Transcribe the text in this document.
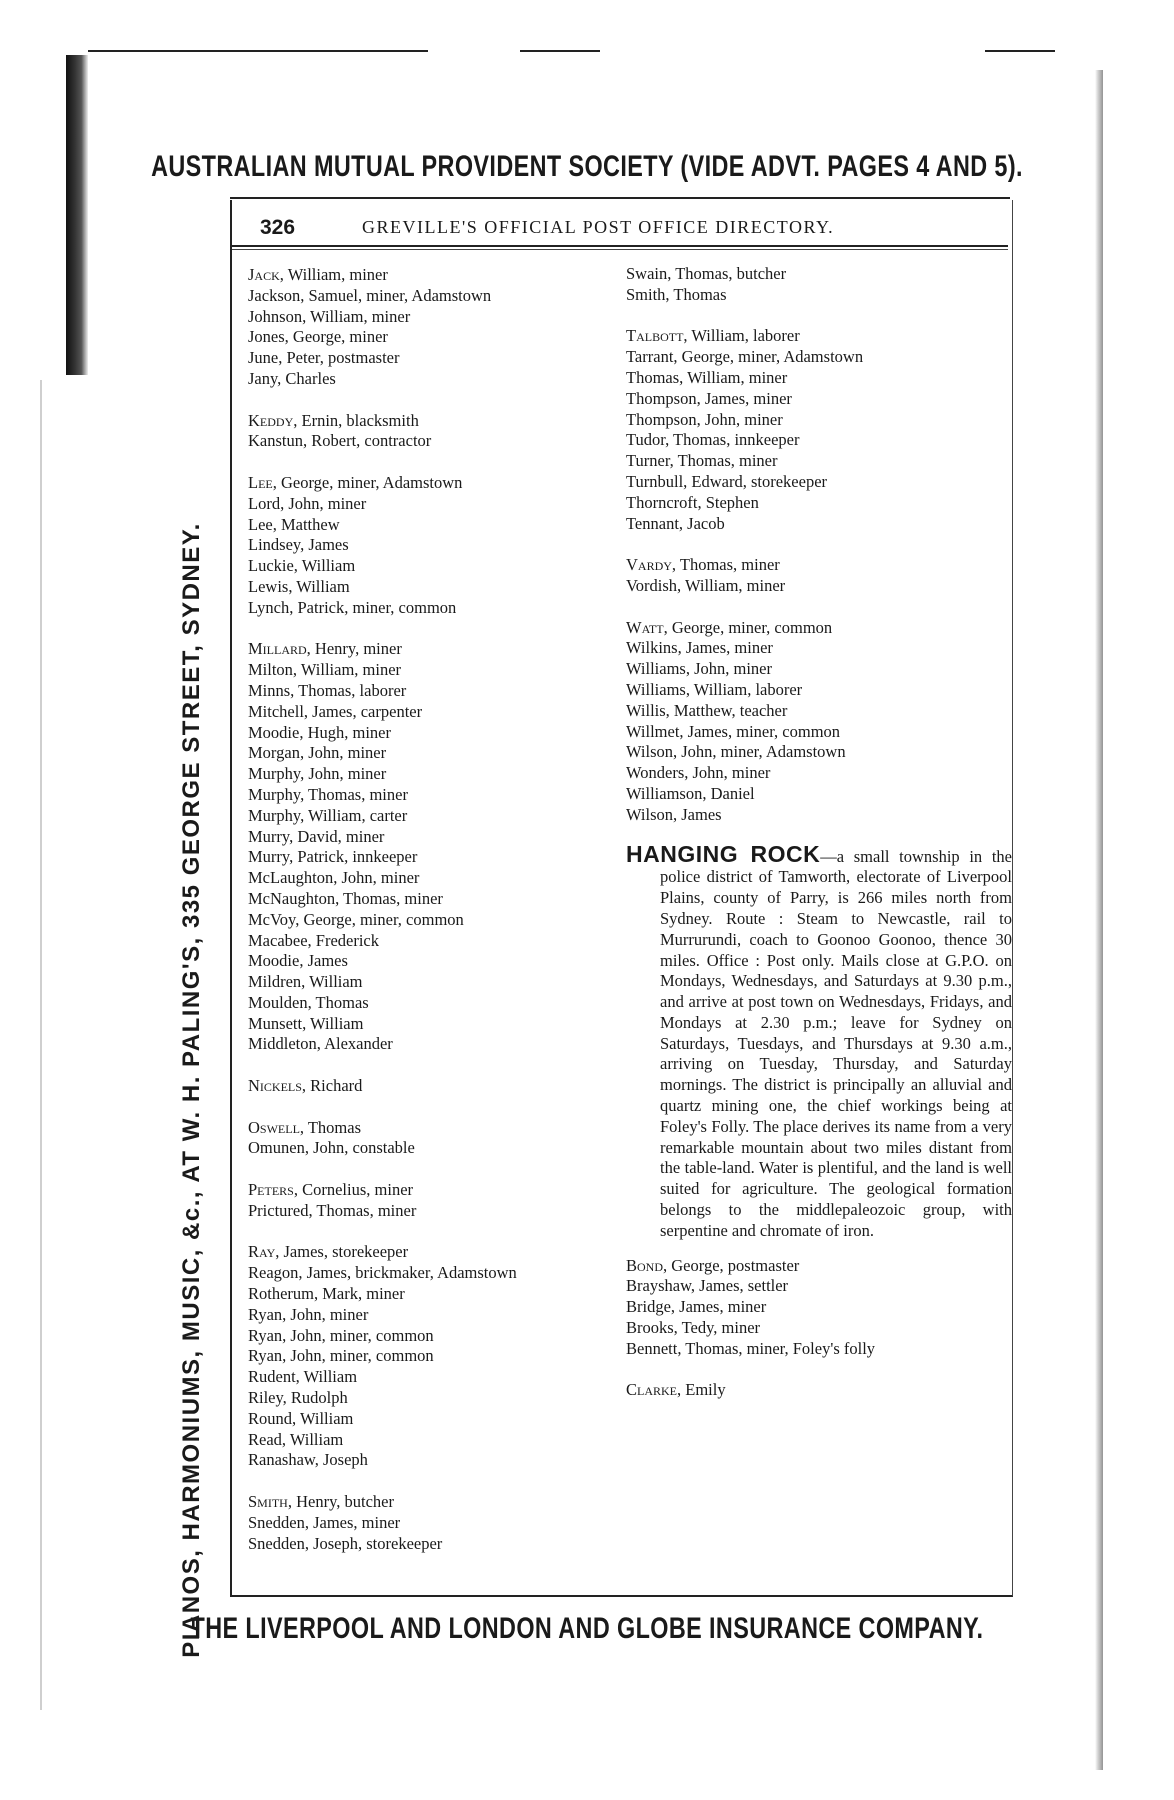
AUSTRALIAN MUTUAL PROVIDENT SOCIETY (VIDE ADVT. PAGES 4 AND 5).
PIANOS, HARMONIUMS, MUSIC, &c., AT W. H. PALING'S, 335 GEORGE STREET, SYDNEY.
326	GREVILLE'S OFFICIAL POST OFFICE DIRECTORY.
Jack, William, miner
Jackson, Samuel, miner, Adamstown
Johnson, William, miner
Jones, George, miner
June, Peter, postmaster
Jany, Charles
Keddy, Ernin, blacksmith
Kanstun, Robert, contractor
Lee, George, miner, Adamstown
Lord, John, miner
Lee, Matthew
Lindsey, James
Luckie, William
Lewis, William
Lynch, Patrick, miner, common
Millard, Henry, miner
Milton, William, miner
Minns, Thomas, laborer
Mitchell, James, carpenter
Moodie, Hugh, miner
Morgan, John, miner
Murphy, John, miner
Murphy, Thomas, miner
Murphy, William, carter
Murry, David, miner
Murry, Patrick, innkeeper
McLaughton, John, miner
McNaughton, Thomas, miner
McVoy, George, miner, common
Macabee, Frederick
Moodie, James
Mildren, William
Moulden, Thomas
Munsett, William
Middleton, Alexander
Nickels, Richard
Oswell, Thomas
Omunen, John, constable
Peters, Cornelius, miner
Prictured, Thomas, miner
Ray, James, storekeeper
Reagon, James, brickmaker, Adamstown
Rotherum, Mark, miner
Ryan, John, miner
Ryan, John, miner, common
Ryan, John, miner, common
Rudent, William
Riley, Rudolph
Round, William
Read, William
Ranashaw, Joseph
Smith, Henry, butcher
Snedden, James, miner
Snedden, Joseph, storekeeper
Swain, Thomas, butcher
Smith, Thomas
Talbott, William, laborer
Tarrant, George, miner, Adamstown
Thomas, William, miner
Thompson, James, miner
Thompson, John, miner
Tudor, Thomas, innkeeper
Turner, Thomas, miner
Turnbull, Edward, storekeeper
Thorncroft, Stephen
Tennant, Jacob
Vardy, Thomas, miner
Vordish, William, miner
Watt, George, miner, common
Wilkins, James, miner
Williams, John, miner
Williams, William, laborer
Willis, Matthew, teacher
Willmet, James, miner, common
Wilson, John, miner, Adamstown
Wonders, John, miner
Williamson, Daniel
Wilson, James
HANGING ROCK—a small township in the police district of Tamworth, electorate of Liverpool Plains, county of Parry, is 266 miles north from Sydney. Route : Steam to Newcastle, rail to Murrurundi, coach to Goonoo Goonoo, thence 30 miles. Office : Post only. Mails close at G.P.O. on Mondays, Wednesdays, and Saturdays at 9.30 p.m., and arrive at post town on Wednesdays, Fridays, and Mondays at 2.30 p.m.; leave for Sydney on Saturdays, Tuesdays, and Thursdays at 9.30 a.m., arriving on Tuesday, Thursday, and Saturday mornings. The district is principally an alluvial and quartz mining one, the chief workings being at Foley's Folly. The place derives its name from a very remarkable mountain about two miles distant from the table-land. Water is plentiful, and the land is well suited for agriculture. The geological formation belongs to the middlepaleozoic group, with serpentine and chromate of iron.
Bond, George, postmaster
Brayshaw, James, settler
Bridge, James, miner
Brooks, Tedy, miner
Bennett, Thomas, miner, Foley's folly
Clarke, Emily
THE LIVERPOOL AND LONDON AND GLOBE INSURANCE COMPANY.
